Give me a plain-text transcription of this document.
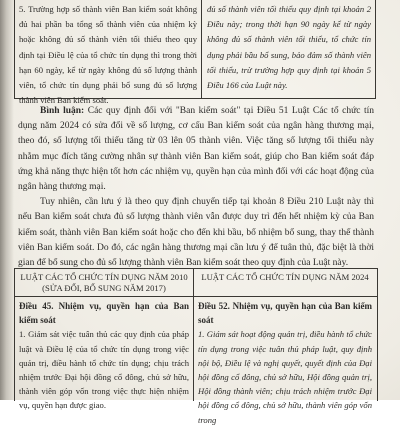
5. Trường hợp số thành viên Ban kiểm soát không đủ hai phần ba tổng số thành viên của nhiệm kỳ hoặc không đủ số thành viên tối thiểu theo quy định tại Điều lệ của tổ chức tín dụng thì trong thời hạn 60 ngày, kể từ ngày không đủ số lượng thành viên, tổ chức tín dụng phải bổ sung đủ số lượng thành viên Ban kiểm soát.
đủ số thành viên tối thiểu quy định tại khoản 2 Điều này; trong thời hạn 90 ngày kể từ ngày không đủ số thành viên tối thiểu, tổ chức tín dụng phải bầu bổ sung, bảo đảm số thành viên tối thiểu, trừ trường hợp quy định tại khoản 5 Điều 166 của Luật này.

Bình luận: Các quy định đối với "Ban kiểm soát" tại Điều 51 Luật Các tổ chức tín dụng năm 2024 có sửa đổi về số lượng, cơ cấu Ban kiểm soát của ngân hàng thương mại, theo đó, số lượng tối thiểu tăng từ 03 lên 05 thành viên. Việc tăng số lượng tối thiểu này nhằm mục đích tăng cường nhân sự thành viên Ban kiểm soát, giúp cho Ban kiểm soát đáp ứng khả năng thực hiện tốt hơn các nhiệm vụ, quyền hạn của mình đối với các hoạt động của ngân hàng thương mại.

Tuy nhiên, cần lưu ý là theo quy định chuyển tiếp tại khoản 8 Điều 210 Luật này thì nếu Ban kiểm soát chưa đủ số lượng thành viên vẫn được duy trì đến hết nhiệm kỳ của Ban kiểm soát, thành viên Ban kiểm soát hoặc cho đến khi bầu, bổ nhiệm bổ sung, thay thế thành viên Ban kiểm soát. Do đó, các ngân hàng thương mại cần lưu ý để tuân thủ, đặc biệt là thời gian để bổ sung cho đủ số lượng thành viên Ban kiểm soát theo quy định của Luật này.

LUẬT CÁC TỔ CHỨC TÍN DỤNG NĂM 2010 (SỬA ĐỔI, BỔ SUNG NĂM 2017)
LUẬT CÁC TỔ CHỨC TÍN DỤNG NĂM 2024
Điều 45. Nhiệm vụ, quyền hạn của Ban kiểm soát
1. Giám sát việc tuân thủ các quy định của pháp luật và Điều lệ của tổ chức tín dụng trong việc quản trị, điều hành tổ chức tín dụng; chịu trách nhiệm trước Đại hội đồng cổ đông, chủ sở hữu, thành viên góp vốn trong việc thực hiện nhiệm vụ, quyền hạn được giao.
Điều 52. Nhiệm vụ, quyền hạn của Ban kiểm soát
1. Giám sát hoạt động quản trị, điều hành tổ chức tín dụng trong việc tuân thủ pháp luật, quy định nội bộ, Điều lệ và nghị quyết, quyết định của Đại hội đồng cổ đông, chủ sở hữu, Hội đồng quản trị, Hội đồng thành viên; chịu trách nhiệm trước Đại hội đồng cổ đông, chủ sở hữu, thành viên góp vốn trong
